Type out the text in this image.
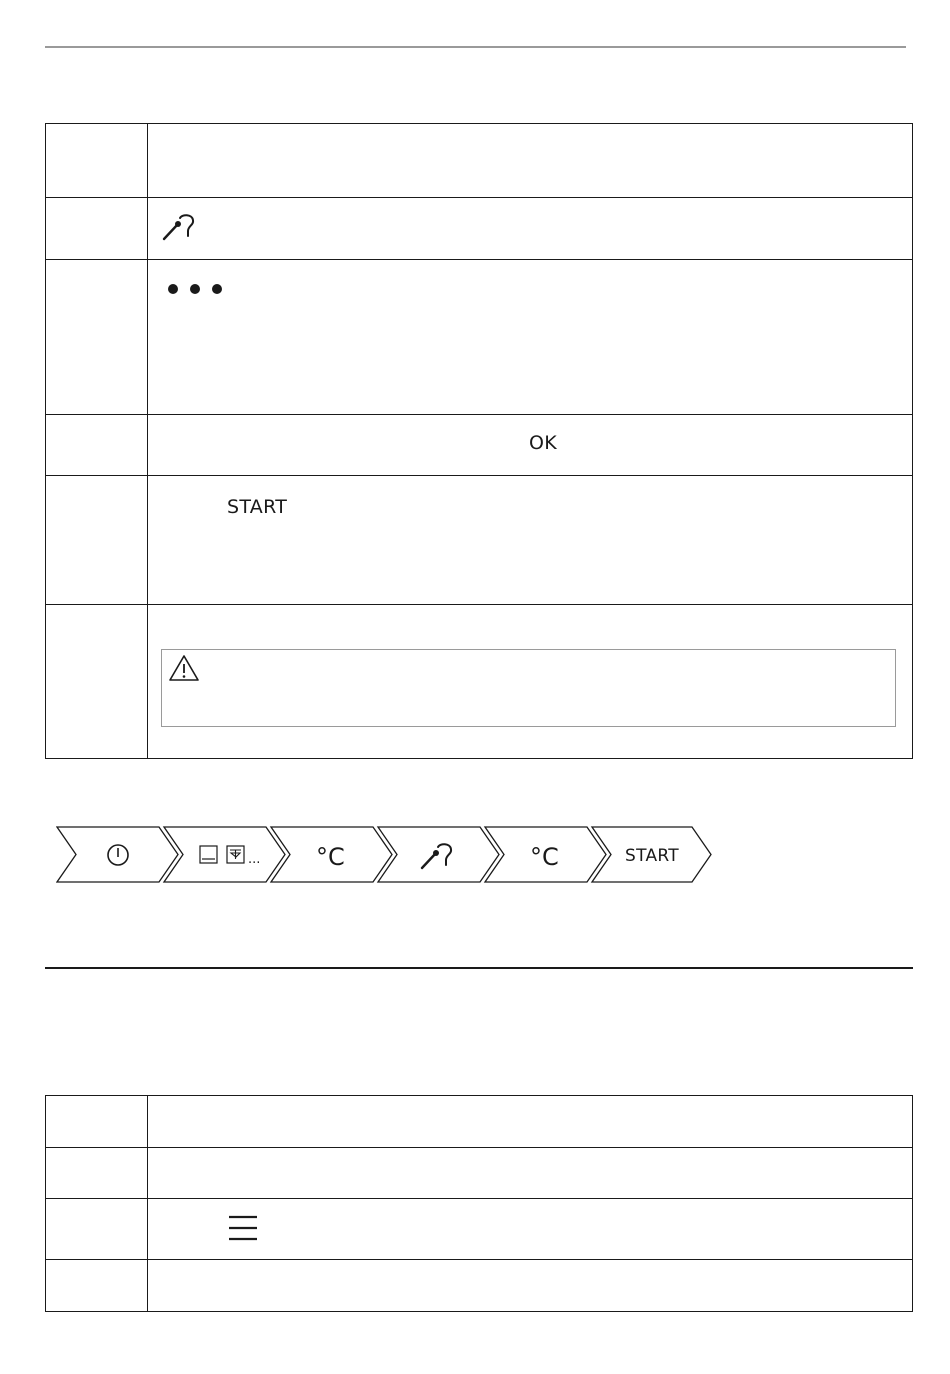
	OK

	START

... °C	°C	START
